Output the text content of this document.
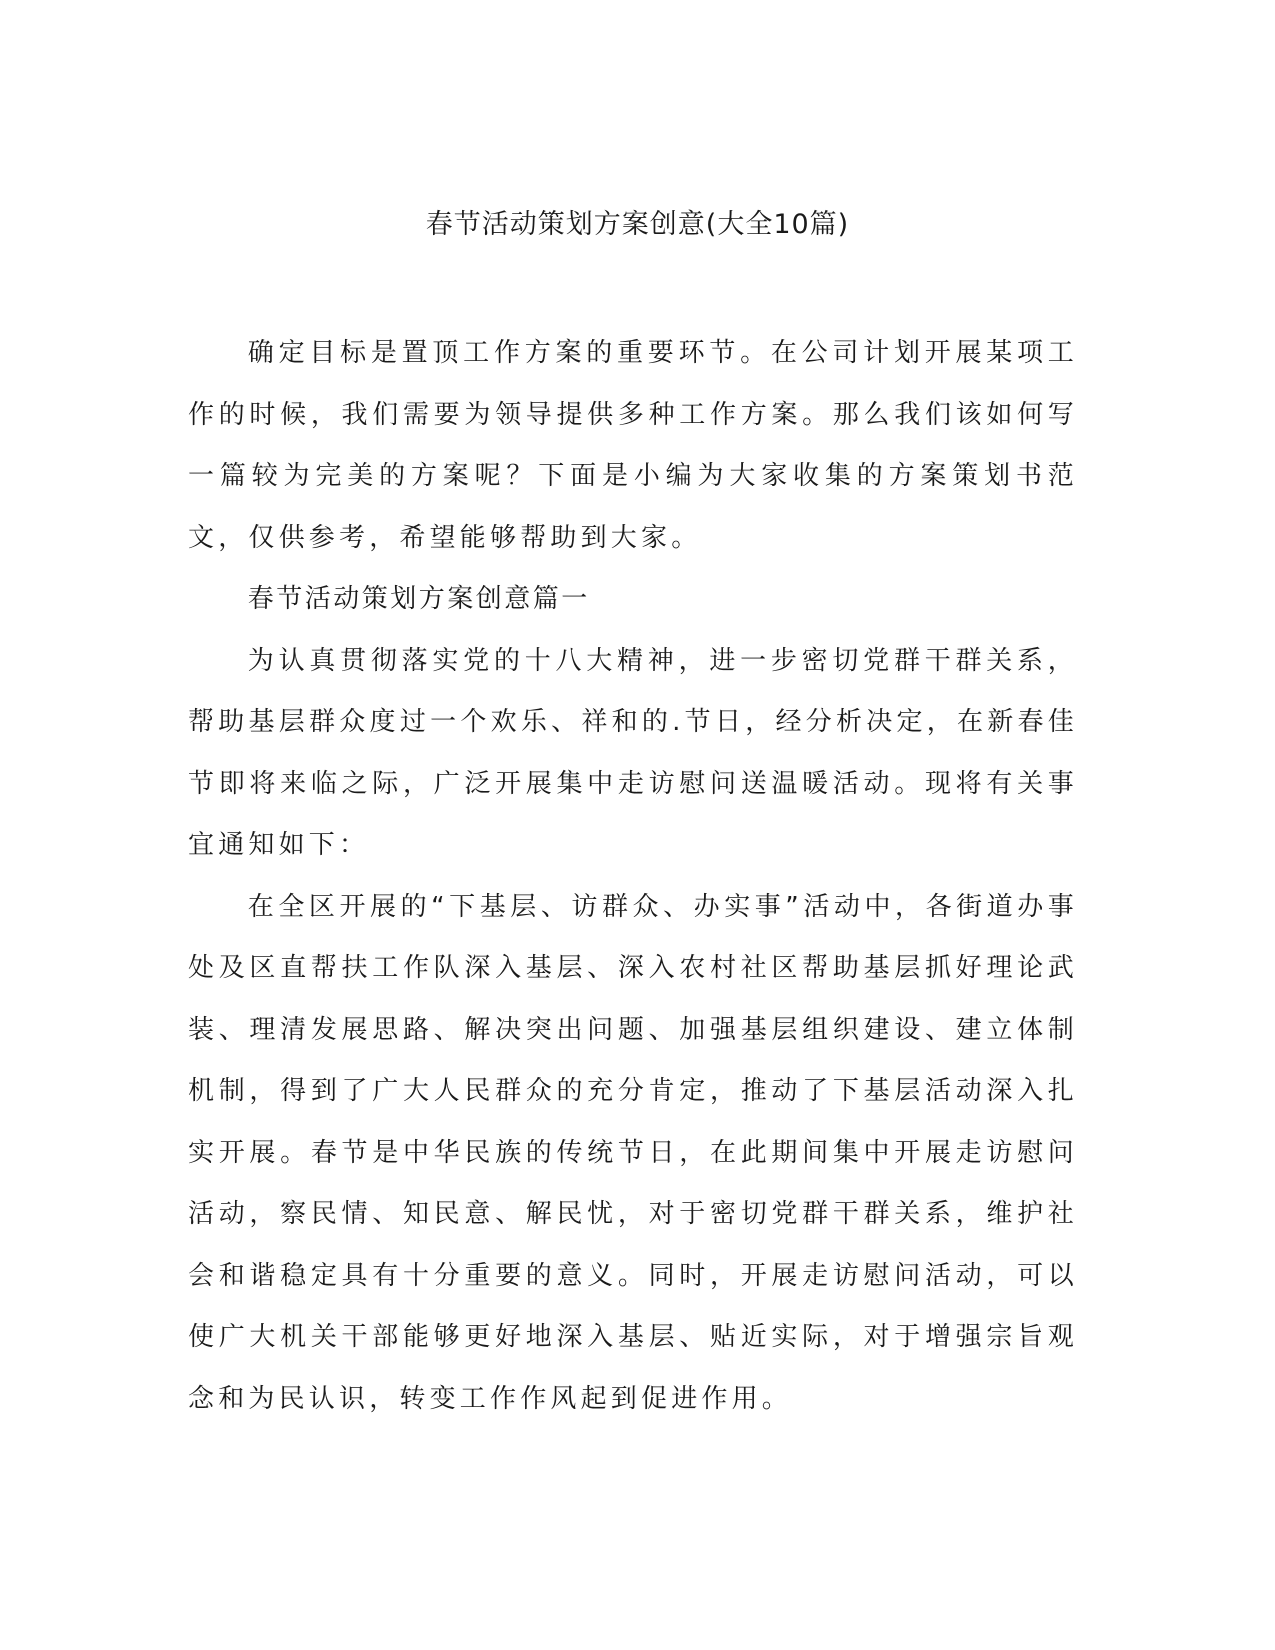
春节活动策划方案创意(大全10篇)

确定目标是置顶工作方案的重要环节。在公司计划开展某项工作的时候，我们需要为领导提供多种工作方案。那么我们该如何写一篇较为完美的方案呢？下面是小编为大家收集的方案策划书范文，仅供参考，希望能够帮助到大家。

春节活动策划方案创意篇一

为认真贯彻落实党的十八大精神，进一步密切党群干群关系，帮助基层群众度过一个欢乐、祥和的.节日，经分析决定，在新春佳节即将来临之际，广泛开展集中走访慰问送温暖活动。现将有关事宜通知如下：

在全区开展的“下基层、访群众、办实事”活动中，各街道办事处及区直帮扶工作队深入基层、深入农村社区帮助基层抓好理论武装、理清发展思路、解决突出问题、加强基层组织建设、建立体制机制，得到了广大人民群众的充分肯定，推动了下基层活动深入扎实开展。春节是中华民族的传统节日，在此期间集中开展走访慰问活动，察民情、知民意、解民忧，对于密切党群干群关系，维护社会和谐稳定具有十分重要的意义。同时，开展走访慰问活动，可以使广大机关干部能够更好地深入基层、贴近实际，对于增强宗旨观念和为民认识，转变工作作风起到促进作用。
